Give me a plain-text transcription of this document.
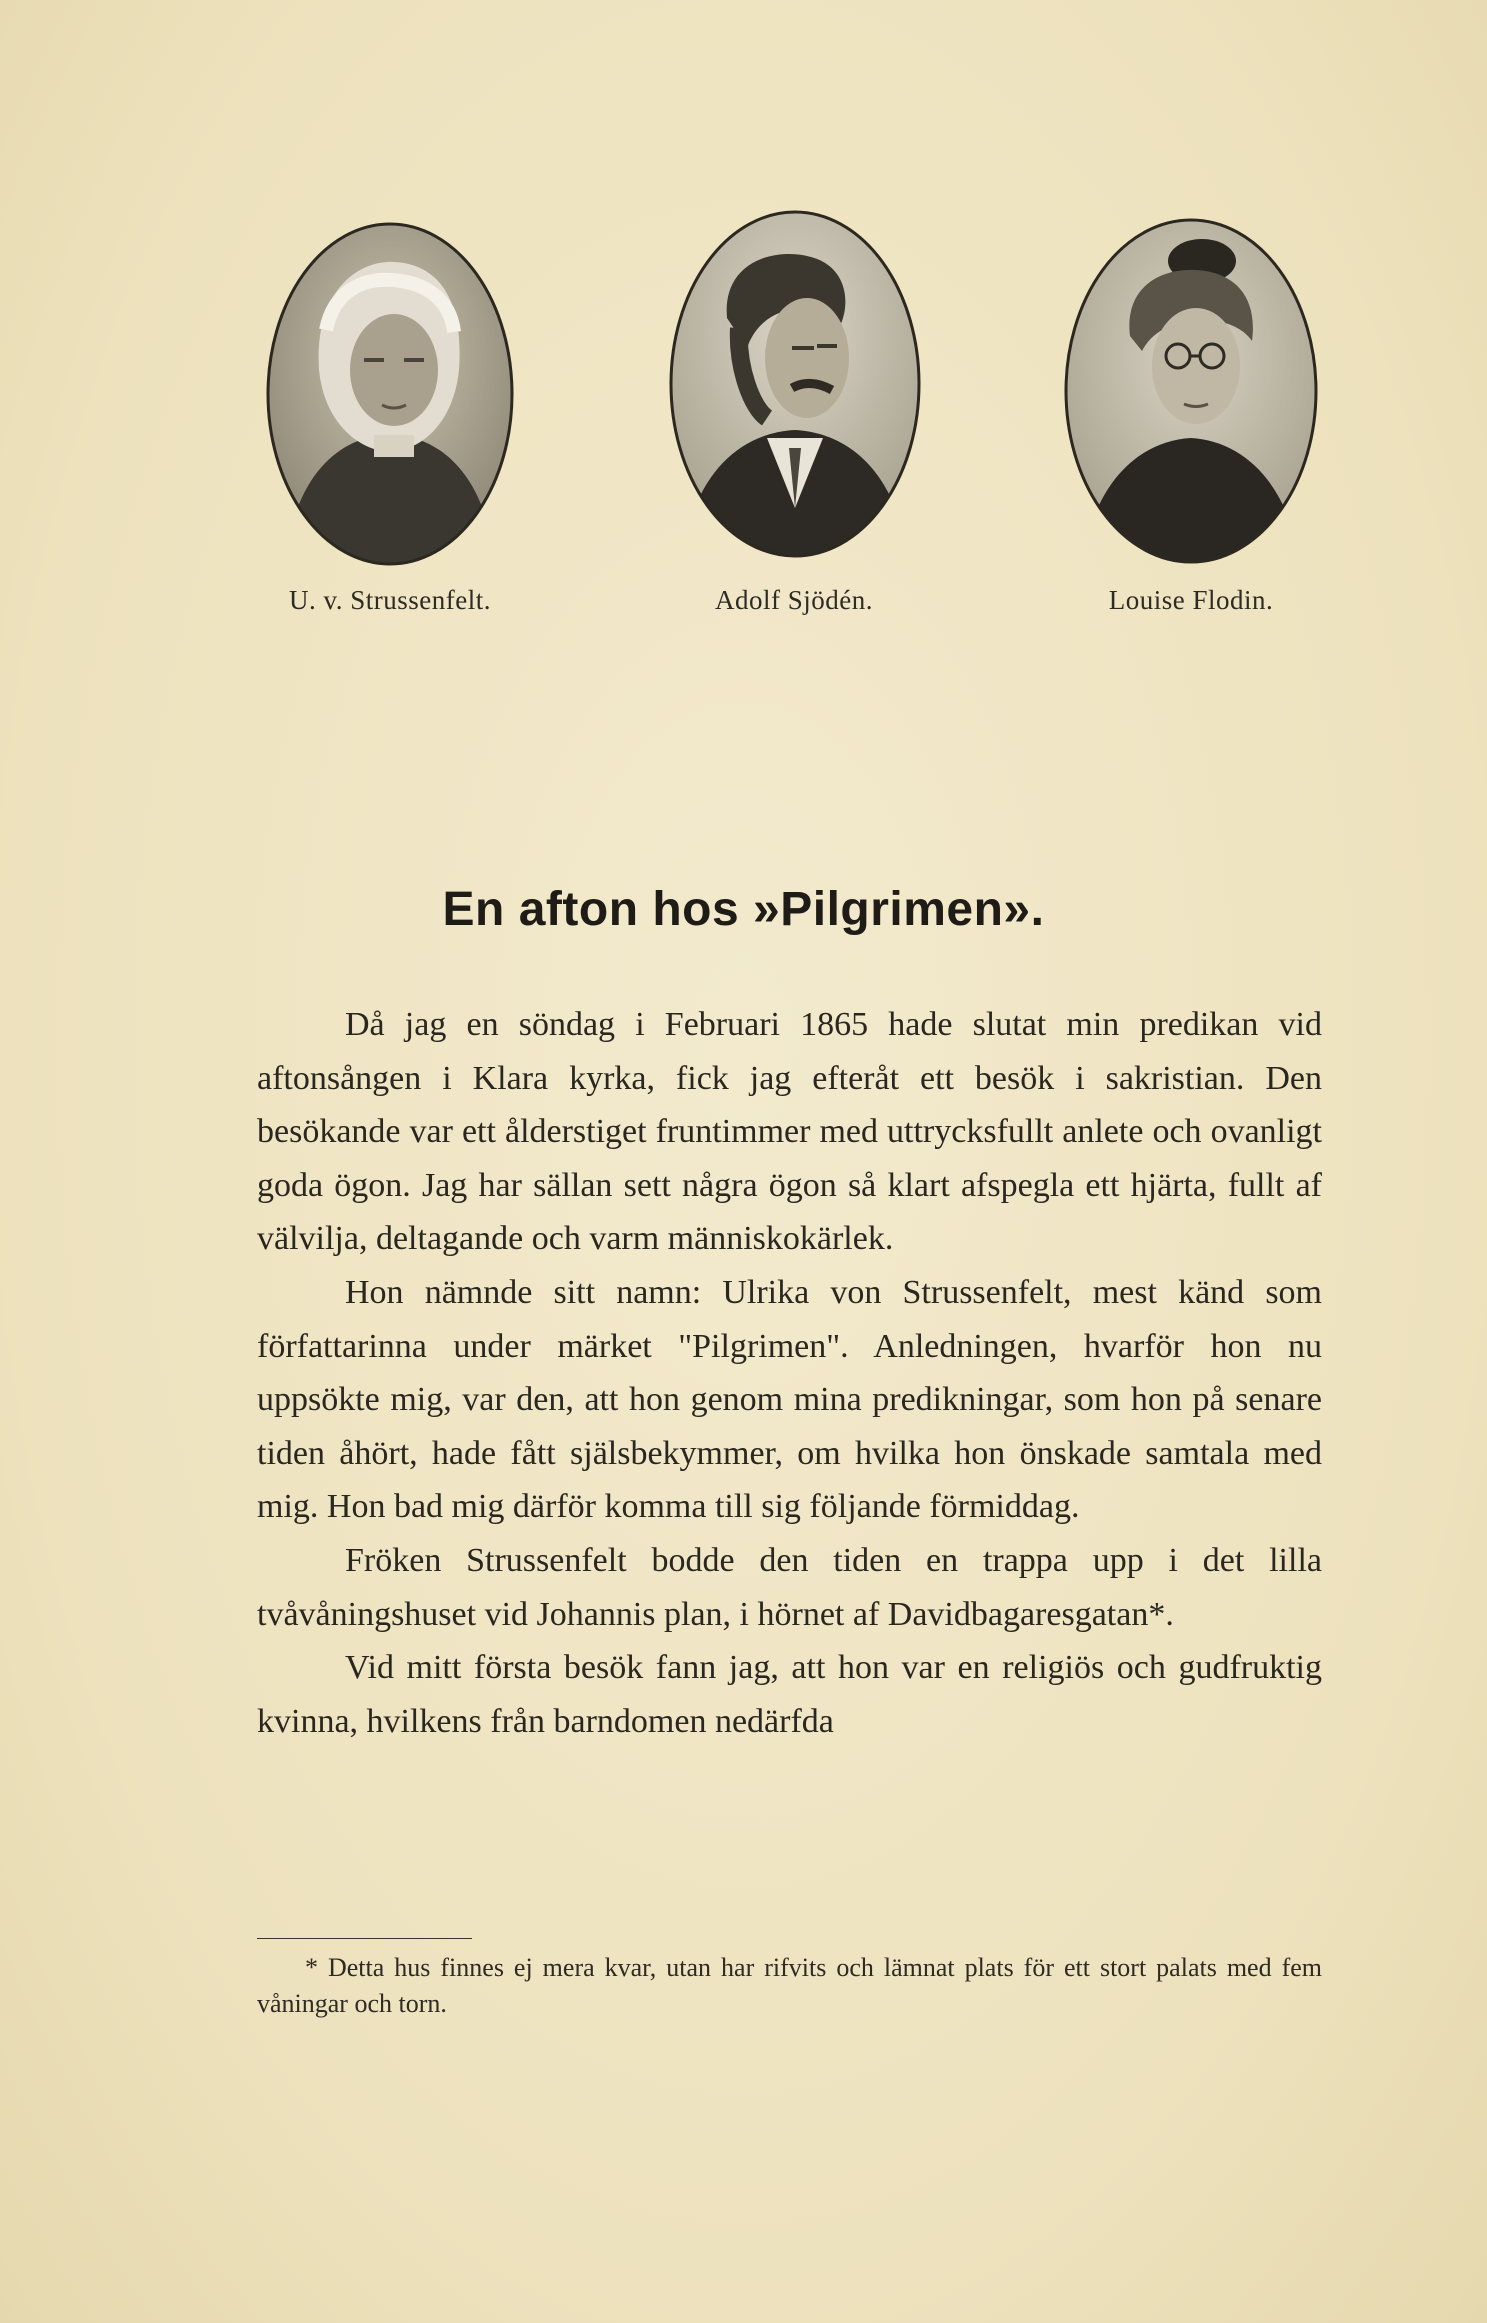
U. v. Strussenfelt.	Adolf Sjödén.	Louise Flodin.
En afton hos »Pilgrimen».

Då jag en söndag i Februari 1865 hade slutat min predikan vid aftonsången i Klara kyrka, fick jag efteråt ett besök i sakristian. Den besökande var ett ålderstiget fruntimmer med uttrycksfullt anlete och ovanligt goda ögon. Jag har sällan sett några ögon så klart afspegla ett hjärta, fullt af välvilja, deltagande och varm människokärlek.

Hon nämnde sitt namn: Ulrika von Strussenfelt, mest känd som författarinna under märket "Pilgrimen". Anledningen, hvarför hon nu uppsökte mig, var den, att hon genom mina predikningar, som hon på senare tiden åhört, hade fått själsbekymmer, om hvilka hon önskade samtala med mig. Hon bad mig därför komma till sig följande förmiddag.

Fröken Strussenfelt bodde den tiden en trappa upp i det lilla tvåvåningshuset vid Johannis plan, i hörnet af Davidbagaresgatan*.

Vid mitt första besök fann jag, att hon var en religiös och gudfruktig kvinna, hvilkens från barndomen nedärfda

* Detta hus finnes ej mera kvar, utan har rifvits och lämnat plats för ett stort palats med fem våningar och torn.
